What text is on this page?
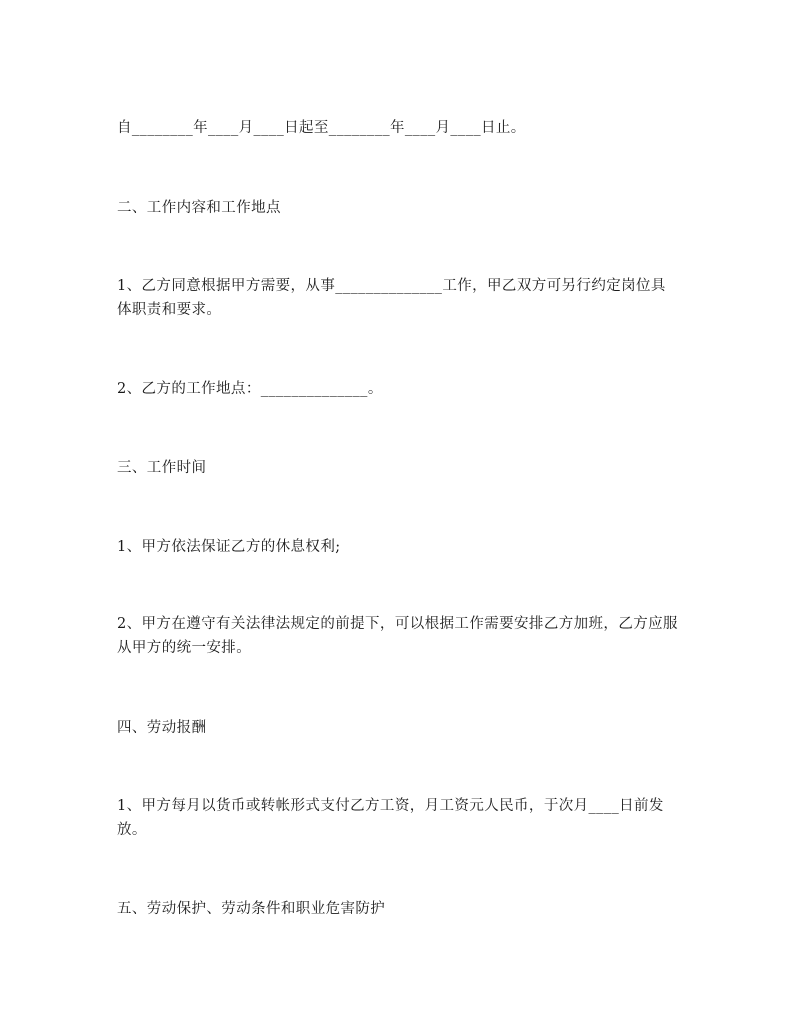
自________年____月____日起至________年____月____日止。
二、工作内容和工作地点
1、乙方同意根据甲方需要，从事______________工作，甲乙双方可另行约定岗位具体职责和要求。
2、乙方的工作地点：______________。
三、工作时间
1、甲方依法保证乙方的休息权利;
2、甲方在遵守有关法律法规定的前提下，可以根据工作需要安排乙方加班，乙方应服从甲方的统一安排。
四、劳动报酬
1、甲方每月以货币或转帐形式支付乙方工资，月工资元人民币，于次月____日前发放。
五、劳动保护、劳动条件和职业危害防护
